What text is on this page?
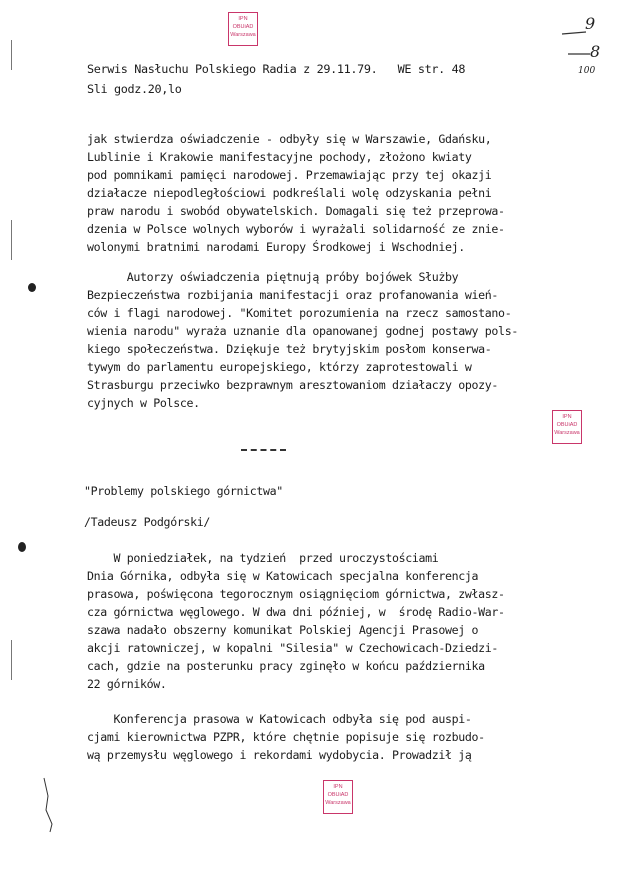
IPN
OBUiAD
Warszawa
9
8
100
Serwis Nasłuchu Polskiego Radia z 29.11.79.   WE str. 48
Sli godz.20,lo
jak stwierdza oświadczenie - odbyły się w Warszawie, Gdańsku,
Lublinie i Krakowie manifestacyjne pochody, złożono kwiaty
pod pomnikami pamięci narodowej. Przemawiając przy tej okazji
działacze niepodległościowi podkreślali wolę odzyskania pełni
praw narodu i swobód obywatelskich. Domagali się też przeprowa-
dzenia w Polsce wolnych wyborów i wyrażali solidarność ze znie-
wolonymi bratnimi narodami Europy Środkowej i Wschodniej.
Autorzy oświadczenia piętnują próby bojówek Służby
Bezpieczeństwa rozbijania manifestacji oraz profanowania wień-
ców i flagi narodowej. "Komitet porozumienia na rzecz samostano-
wienia narodu" wyraża uznanie dla opanowanej godnej postawy pols-
kiego społeczeństwa. Dziękuje też brytyjskim posłom konserwa-
tywym do parlamentu europejskiego, którzy zaprotestowali w
Strasburgu przeciwko bezprawnym aresztowaniom działaczy opozy-
cyjnych w Polsce.
IPN
OBUiAD
Warszawa
"Problemy polskiego górnictwa"
/Tadeusz Podgórski/
W poniedziałek, na tydzień  przed uroczystościami
Dnia Górnika, odbyła się w Katowicach specjalna konferencja
prasowa, poświęcona tegorocznym osiągnięciom górnictwa, zwłasz-
cza górnictwa węglowego. W dwa dni później, w  środę Radio-War-
szawa nadało obszerny komunikat Polskiej Agencji Prasowej o
akcji ratowniczej, w kopalni "Silesia" w Czechowicach-Dziedzi-
cach, gdzie na posterunku pracy zginęło w końcu października
22 górników.
Konferencja prasowa w Katowicach odbyła się pod auspi-
cjami kierownictwa PZPR, które chętnie popisuje się rozbudo-
wą przemysłu węglowego i rekordami wydobycia. Prowadził ją
IPN
OBUiAD
Warszawa
